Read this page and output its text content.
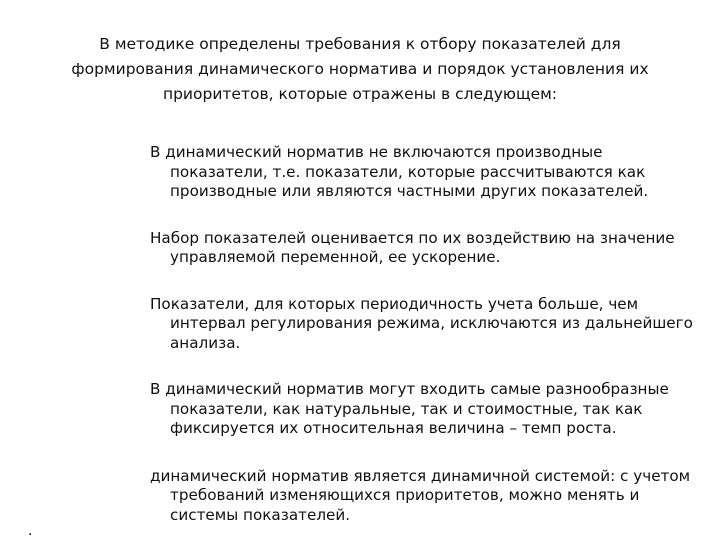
В методике определены требования к отбору показателей для формирования динамического норматива и порядок установления их приоритетов, которые отражены в следующем:

В динамический норматив не включаются производные показатели, т.е. показатели, которые рассчитываются как производные или являются частными других показателей.
Набор показателей оценивается по их воздействию на значение управляемой переменной, ее ускорение.
Показатели, для которых периодичность учета больше, чем интервал регулирования режима, исключаются из дальнейшего анализа.
В динамический норматив могут входить самые разнообразные показатели, как натуральные, так и стоимостные, так как фиксируется их относительная величина – темп роста.
динамический норматив является динамичной системой: с учетом требований изменяющихся приоритетов, можно менять и системы показателей.
.
